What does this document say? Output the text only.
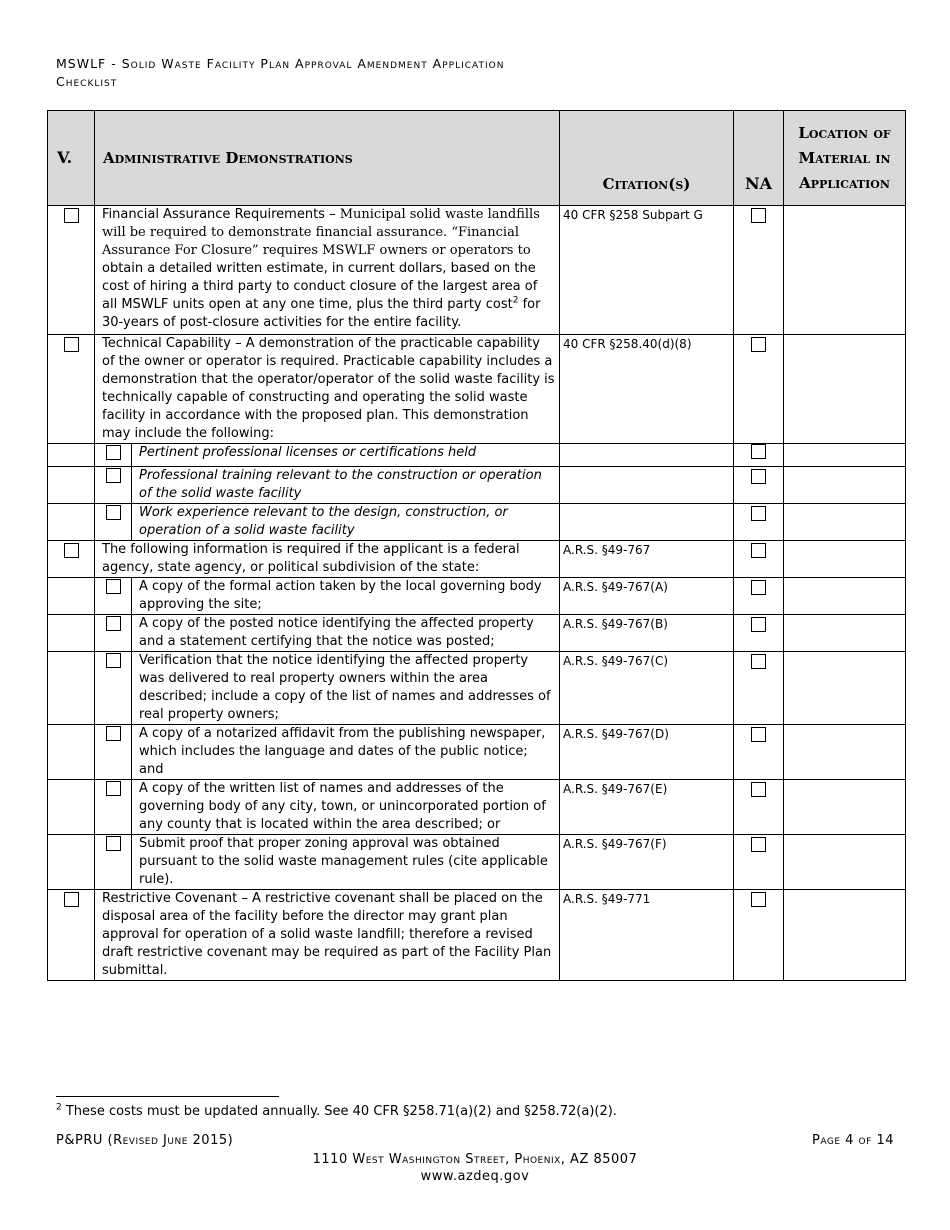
MSWLF - Solid Waste Facility Plan Approval Amendment Application
Checklist
V.	Administrative Demonstrations		Citation(s)	NA	Location of Material in Application
	Financial Assurance Requirements – Municipal solid waste landfills will be required to demonstrate financial assurance. “Financial Assurance For Closure” requires MSWLF owners or operators to obtain a detailed written estimate, in current dollars, based on the cost of hiring a third party to conduct closure of the largest area of all MSWLF units open at any one time, plus the third party cost$^2$ for 30-years of post-closure activities for the entire facility.		40 CFR §258 Subpart G		
	Technical Capability – A demonstration of the practicable capability of the owner or operator is required. Practicable capability includes a demonstration that the operator/operator of the solid waste facility is technically capable of constructing and operating the solid waste facility in accordance with the proposed plan. This demonstration may include the following:		40 CFR §258.40(d)(8)		
		Pertinent professional licenses or certifications held			
		Professional training relevant to the construction or operation of the solid waste facility			
		Work experience relevant to the design, construction, or operation of a solid waste facility			
	The following information is required if the applicant is a federal agency, state agency, or political subdivision of the state:		A.R.S. §49-767		
		A copy of the formal action taken by the local governing body approving the site;	A.R.S. §49-767(A)		
		A copy of the posted notice identifying the affected property and a statement certifying that the notice was posted;	A.R.S. §49-767(B)		
		Verification that the notice identifying the affected property was delivered to real property owners within the area described; include a copy of the list of names and addresses of real property owners;	A.R.S. §49-767(C)		
		A copy of a notarized affidavit from the publishing newspaper, which includes the language and dates of the public notice; and	A.R.S. §49-767(D)		
		A copy of the written list of names and addresses of the governing body of any city, town, or unincorporated portion of any county that is located within the area described; or	A.R.S. §49-767(E)		
		Submit proof that proper zoning approval was obtained pursuant to the solid waste management rules (cite applicable rule).	A.R.S. §49-767(F)		
	Restrictive Covenant – A restrictive covenant shall be placed on the disposal area of the facility before the director may grant plan approval for operation of a solid waste landfill; therefore a revised draft restrictive covenant may be required as part of the Facility Plan submittal.		A.R.S. §49-771		
$^2$ These costs must be updated annually. See 40 CFR §258.71(a)(2) and §258.72(a)(2).
P&PRU (Revised June 2015)	Page 4 of 14
1110 West Washington Street, Phoenix, AZ 85007
www.azdeq.gov
